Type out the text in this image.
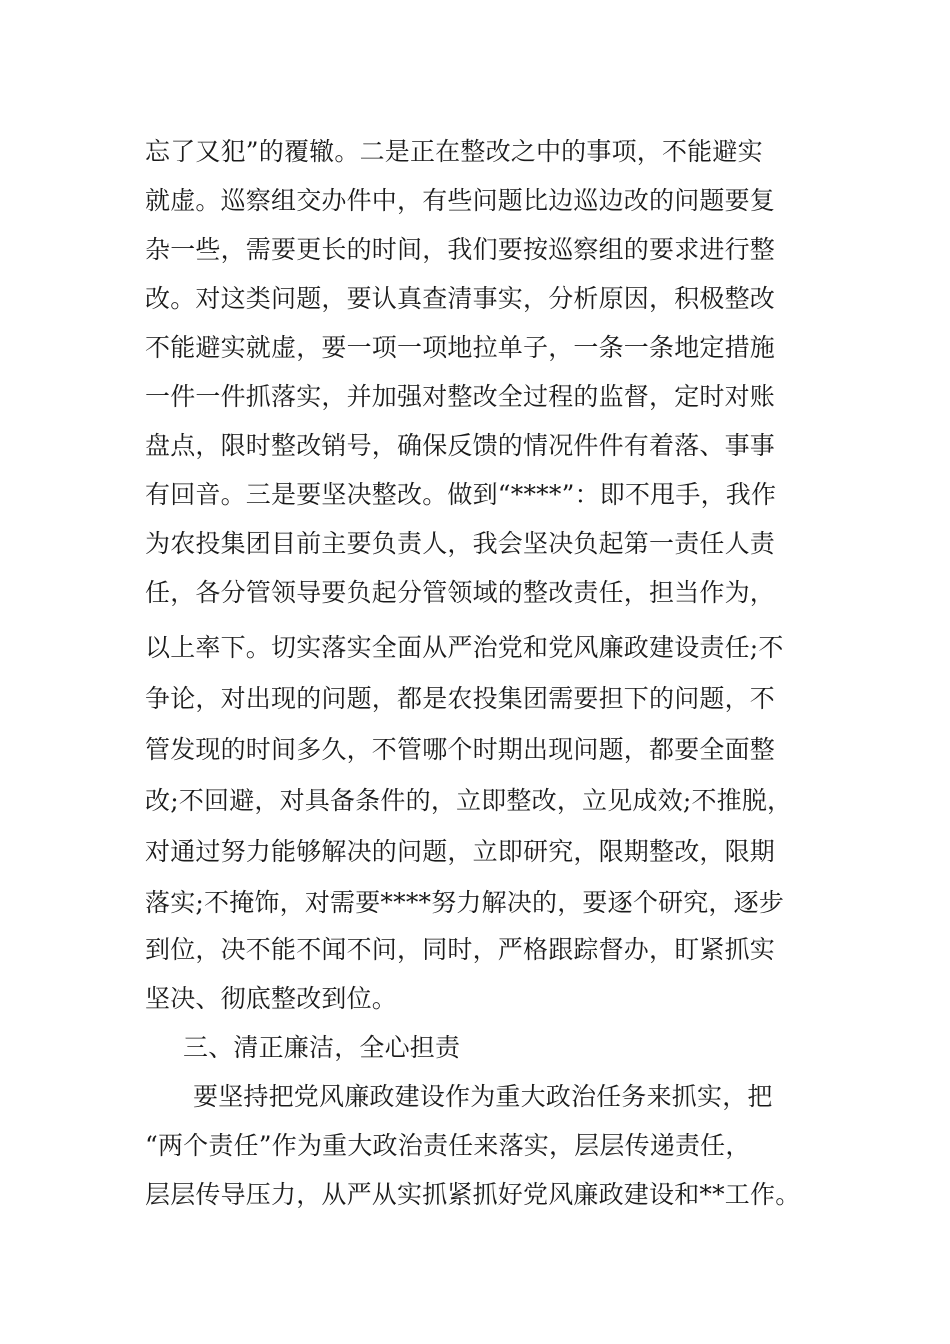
忘了又犯”的覆辙。二是正在整改之中的事项，不能避实
就虚。巡察组交办件中，有些问题比边巡边改的问题要复
杂一些，需要更长的时间，我们要按巡察组的要求进行整
改。对这类问题，要认真查清事实，分析原因，积极整改
不能避实就虚，要一项一项地拉单子，一条一条地定措施
一件一件抓落实，并加强对整改全过程的监督，定时对账
盘点，限时整改销号，确保反馈的情况件件有着落、事事
有回音。三是要坚决整改。做到“****”：即不甩手，我作
为农投集团目前主要负责人，我会坚决负起第一责任人责
任，各分管领导要负起分管领域的整改责任，担当作为，
以上率下。切实落实全面从严治党和党风廉政建设责任;不
争论，对出现的问题，都是农投集团需要担下的问题，不
管发现的时间多久，不管哪个时期出现问题，都要全面整
改;不回避，对具备条件的，立即整改，立见成效;不推脱，
对通过努力能够解决的问题，立即研究，限期整改，限期
落实;不掩饰，对需要****努力解决的，要逐个研究，逐步
到位，决不能不闻不问，同时，严格跟踪督办，盯紧抓实
坚决、彻底整改到位。
三、清正廉洁，全心担责
要坚持把党风廉政建设作为重大政治任务来抓实，把
“两个责任”作为重大政治责任来落实，层层传递责任，
层层传导压力，从严从实抓紧抓好党风廉政建设和**工作。
